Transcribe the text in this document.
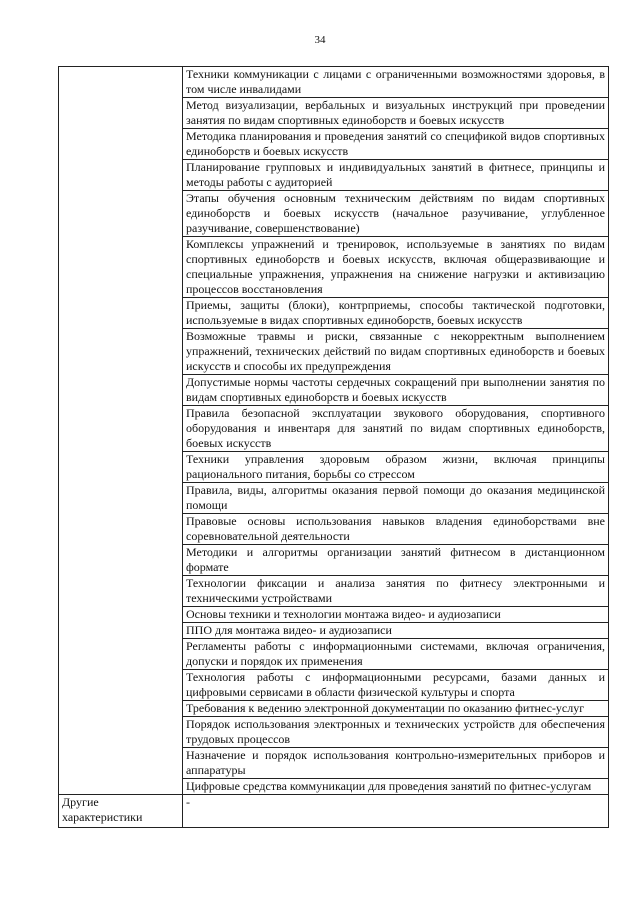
34
	Техники коммуникации с лицами с ограниченными возможностями здоровья, в том числе инвалидами
	Метод визуализации, вербальных и визуальных инструкций при проведении занятия по видам спортивных единоборств и боевых искусств
	Методика планирования и проведения занятий со спецификой видов спортивных единоборств и боевых искусств
	Планирование групповых и индивидуальных занятий в фитнесе, принципы и методы работы с аудиторией
	Этапы обучения основным техническим действиям по видам спортивных единоборств и боевых искусств (начальное разучивание, углубленное разучивание, совершенствование)
	Комплексы упражнений и тренировок, используемые в занятиях по видам спортивных единоборств и боевых искусств, включая общеразвивающие и специальные упражнения, упражнения на снижение нагрузки и активизацию процессов восстановления
	Приемы, защиты (блоки), контрприемы, способы тактической подготовки, используемые в видах спортивных единоборств, боевых искусств
	Возможные травмы и риски, связанные с некорректным выполнением упражнений, технических действий по видам спортивных единоборств и боевых искусств и способы их предупреждения
	Допустимые нормы частоты сердечных сокращений при выполнении занятия по видам спортивных единоборств и боевых искусств
	Правила безопасной эксплуатации звукового оборудования, спортивного оборудования и инвентаря для занятий по видам спортивных единоборств, боевых искусств
	Техники управления здоровым образом жизни, включая принципы рационального питания, борьбы со стрессом
	Правила, виды, алгоритмы оказания первой помощи до оказания медицинской помощи
	Правовые основы использования навыков владения единоборствами вне соревновательной деятельности
	Методики и алгоритмы организации занятий фитнесом в дистанционном формате
	Технологии фиксации и анализа занятия по фитнесу электронными и техническими устройствами
	Основы техники и технологии монтажа видео- и аудиозаписи
	ППО для монтажа видео- и аудиозаписи
	Регламенты работы с информационными системами, включая ограничения, допуски и порядок их применения
	Технология работы с информационными ресурсами, базами данных и цифровыми сервисами в области физической культуры и спорта
	Требования к ведению электронной документации по оказанию фитнес-услуг
	Порядок использования электронных и технических устройств для обеспечения трудовых процессов
	Назначение и порядок использования контрольно-измерительных приборов и аппаратуры
	Цифровые средства коммуникации для проведения занятий по фитнес-услугам
Другие характеристики	-
